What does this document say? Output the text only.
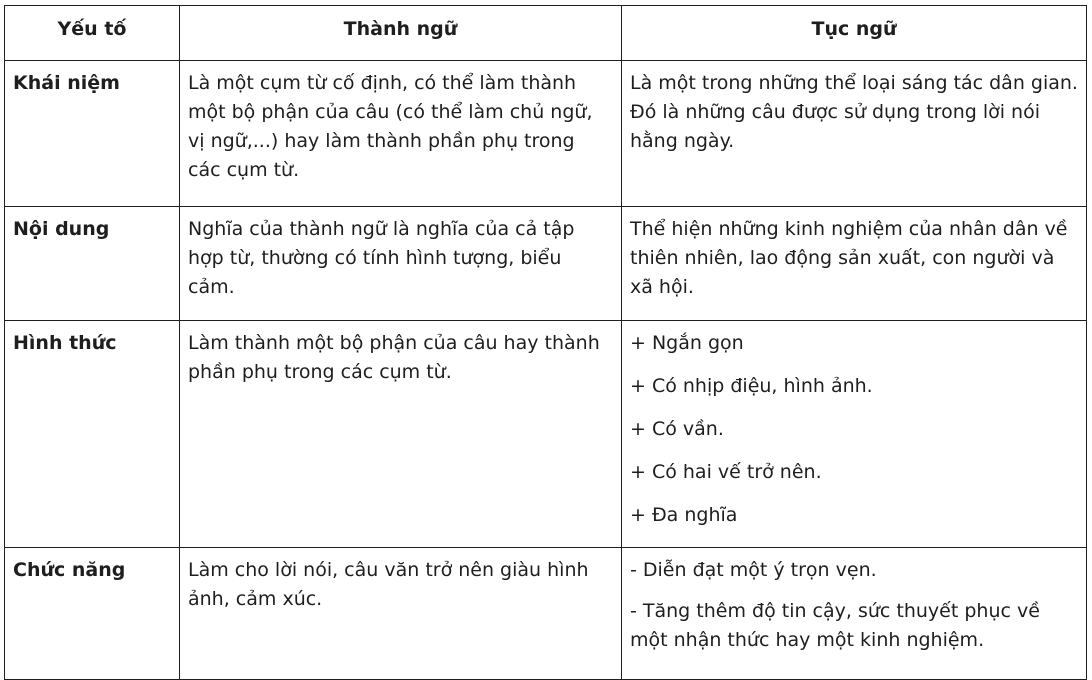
Yếu tố	Thành ngữ	Tục ngữ

Khái niệm	Là một cụm từ cố định, có thể làm thành một bộ phận của câu (có thể làm chủ ngữ, vị ngữ,...) hay làm thành phần phụ trong các cụm từ.	Là một trong những thể loại sáng tác dân gian. Đó là những câu được sử dụng trong lời nói hằng ngày.

Nội dung	Nghĩa của thành ngữ là nghĩa của cả tập hợp từ, thường có tính hình tượng, biểu cảm.	Thể hiện những kinh nghiệm của nhân dân về thiên nhiên, lao động sản xuất, con người và xã hội.

Hình thức	Làm thành một bộ phận của câu hay thành phần phụ trong các cụm từ.	+ Ngắn gọn
+ Có nhịp điệu, hình ảnh.
+ Có vần.
+ Có hai vế trở nên.
+ Đa nghĩa

Chức năng	Làm cho lời nói, câu văn trở nên giàu hình ảnh, cảm xúc.	- Diễn đạt một ý trọn vẹn.
- Tăng thêm độ tin cậy, sức thuyết phục về một nhận thức hay một kinh nghiệm.
